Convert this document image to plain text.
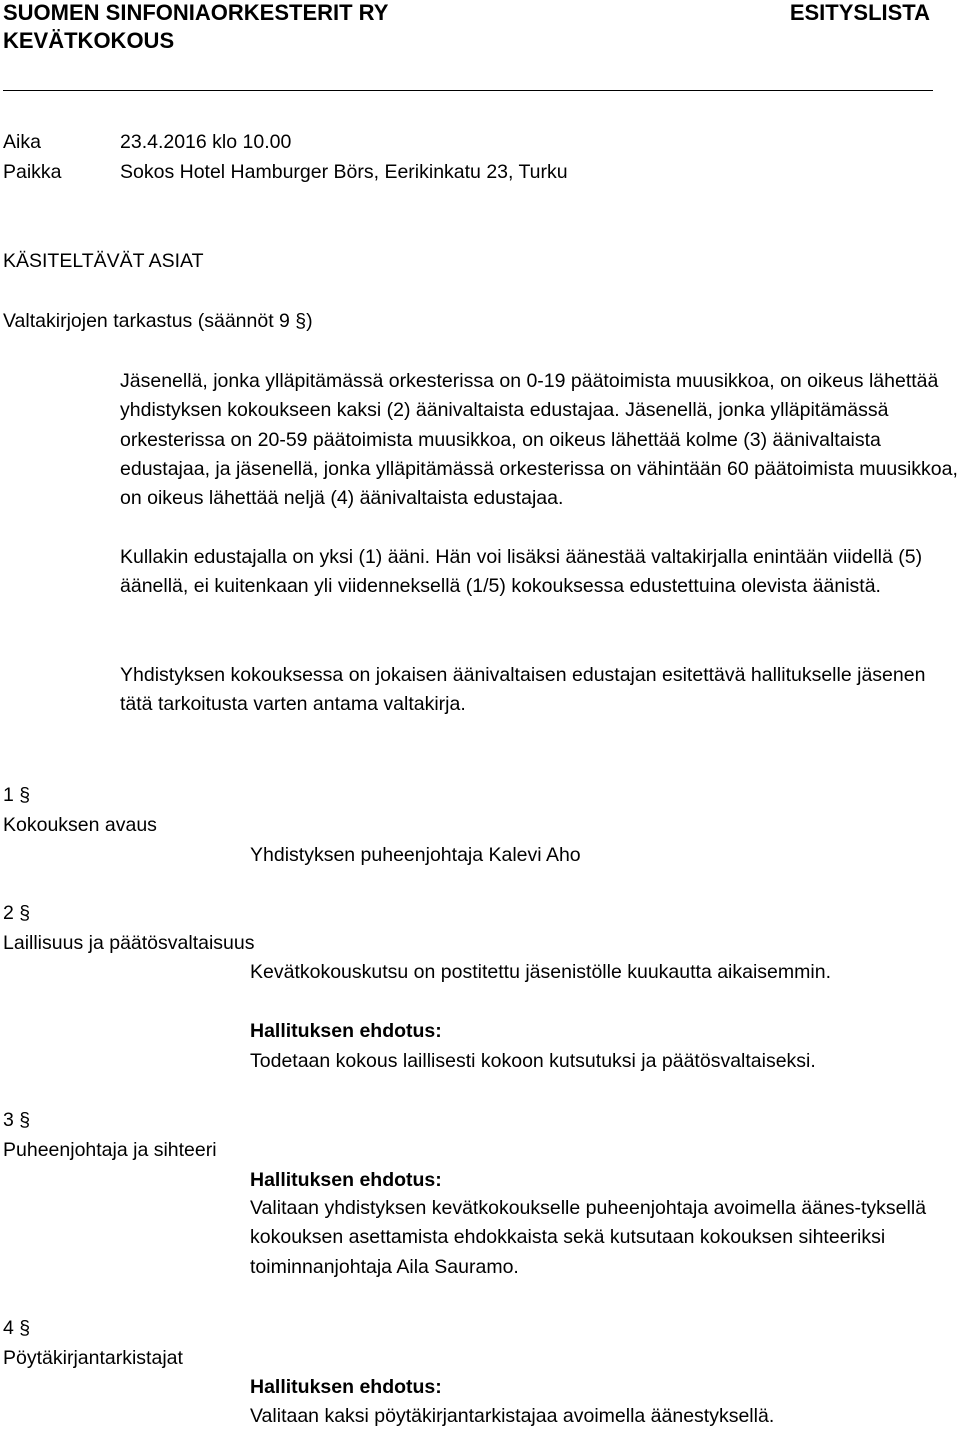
SUOMEN SINFONIAORKESTERIT RY	ESITYSLISTA
KEVÄTKOKOUS
Aika	23.4.2016 klo 10.00
Paikka	Sokos Hotel Hamburger Börs, Eerikinkatu 23, Turku
KÄSITELTÄVÄT ASIAT
Valtakirjojen tarkastus (säännöt 9 §)

Jäsenellä, jonka ylläpitämässä orkesterissa on 0-19 päätoimista muusikkoa, on oikeus lähettää yhdistyksen kokoukseen kaksi (2) äänivaltaista edustajaa. Jäsenellä, jonka ylläpitämässä orkesterissa on 20-59 päätoimista muusikkoa, on oikeus lähettää kolme (3) äänivaltaista edustajaa, ja jäsenellä, jonka ylläpitämässä orkesterissa on vähintään 60 päätoimista muusikkoa, on oikeus lähettää neljä (4) äänivaltaista edustajaa.

Kullakin edustajalla on yksi (1) ääni. Hän voi lisäksi äänestää valtakirjalla enintään viidellä (5) äänellä, ei kuitenkaan yli viidenneksellä (1/5) kokouksessa edustettuina olevista äänistä.

Yhdistyksen kokouksessa on jokaisen äänivaltaisen edustajan esitettävä hallitukselle jäsenen tätä tarkoitusta varten antama valtakirja.

1 §
Kokouksen avaus
Yhdistyksen puheenjohtaja Kalevi Aho
2 §
Laillisuus ja päätösvaltaisuus
Kevätkokouskutsu on postitettu jäsenistölle kuukautta aikaisemmin.
Hallituksen ehdotus:
Todetaan kokous laillisesti kokoon kutsutuksi ja päätösvaltaiseksi.
3 §
Puheenjohtaja ja sihteeri
Hallituksen ehdotus:

Valitaan yhdistyksen kevätkokoukselle puheenjohtaja avoimella äänes-tyksellä kokouksen asettamista ehdokkaista sekä kutsutaan kokouksen sihteeriksi toiminnanjohtaja Aila Sauramo.

4 §
Pöytäkirjantarkistajat
Hallituksen ehdotus:
Valitaan kaksi pöytäkirjantarkistajaa avoimella äänestyksellä.
